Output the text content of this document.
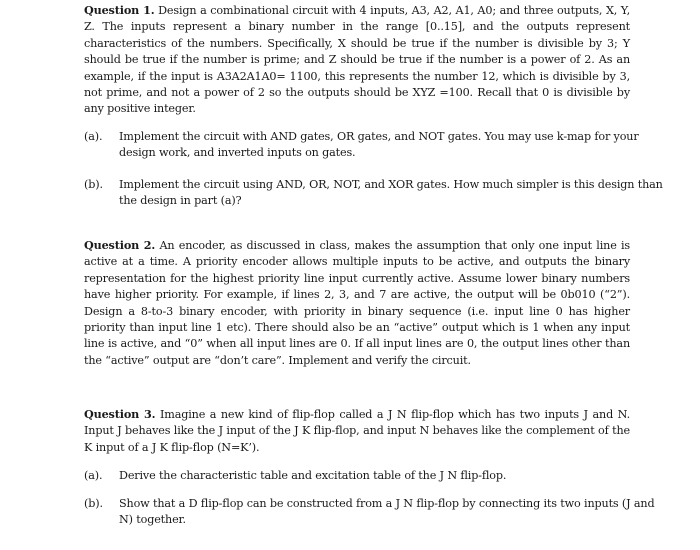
Question 1. Design a combinational circuit with 4 inputs, A3, A2, A1, A0; and three outputs, X, Y, Z. The inputs represent a binary number in the range [0..15], and the outputs represent characteristics of the numbers. Specifically, X should be true if the number is divisible by 3; Y should be true if the number is prime; and Z should be true if the number is a power of 2. As an example, if the input is A3A2A1A0= 1100, this represents the number 12, which is divisible by 3, not prime, and not a power of 2 so the outputs should be XYZ =100. Recall that 0 is divisible by any positive integer.

(a). Implement the circuit with AND gates, OR gates, and NOT gates. You may use k-map for your design work, and inverted inputs on gates.

(b). Implement the circuit using AND, OR, NOT, and XOR gates. How much simpler is this design than the design in part (a)?

Question 2. An encoder, as discussed in class, makes the assumption that only one input line is active at a time. A priority encoder allows multiple inputs to be active, and outputs the binary representation for the highest priority line input currently active. Assume lower binary numbers have higher priority. For example, if lines 2, 3, and 7 are active, the output will be 0b010 (“2”). Design a 8-to-3 binary encoder, with priority in binary sequence (i.e. input line 0 has higher priority than input line 1 etc). There should also be an “active” output which is 1 when any input line is active, and “0” when all input lines are 0. If all input lines are 0, the output lines other than the “active” output are “don’t care”. Implement and verify the circuit.

Question 3. Imagine a new kind of flip-flop called a J N flip-flop which has two inputs J and N. Input J behaves like the J input of the J K flip-flop, and input N behaves like the complement of the K input of a J K flip-flop (N=K’).

(a). Derive the characteristic table and excitation table of the J N flip-flop.

(b). Show that a D flip-flop can be constructed from a J N flip-flop by connecting its two inputs (J and N) together.
